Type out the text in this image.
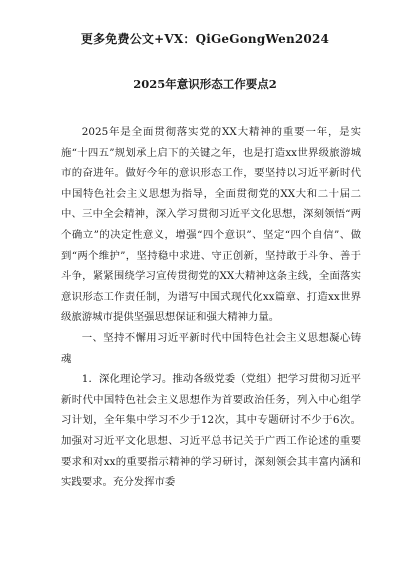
更多免费公文+VX：QiGeGongWen2024
2025年意识形态工作要点2

2025年是全面贯彻落实党的XX大精神的重要一年，是实施“十四五”规划承上启下的关键之年，也是打造xx世界级旅游城市的奋进年。做好今年的意识形态工作，要坚持以习近平新时代中国特色社会主义思想为指导，全面贯彻党的XX大和二十届二中、三中全会精神，深入学习贯彻习近平文化思想，深刻领悟“两个确立”的决定性意义，增强“四个意识”、坚定“四个自信”、做到“两个维护”，坚持稳中求进、守正创新，坚持敢于斗争、善于斗争，紧紧围绕学习宣传贯彻党的XX大精神这条主线，全面落实意识形态工作责任制，为谱写中国式现代化xx篇章、打造xx世界级旅游城市提供坚强思想保证和强大精神力量。

一、坚持不懈用习近平新时代中国特色社会主义思想凝心铸魂

1．深化理论学习。推动各级党委（党组）把学习贯彻习近平新时代中国特色社会主义思想作为首要政治任务，列入中心组学习计划，全年集中学习不少于12次，其中专题研讨不少于6次。加强对习近平文化思想、习近平总书记关于广西工作论述的重要要求和对xx的重要指示精神的学习研讨，深刻领会其丰富内涵和实践要求。充分发挥市委
